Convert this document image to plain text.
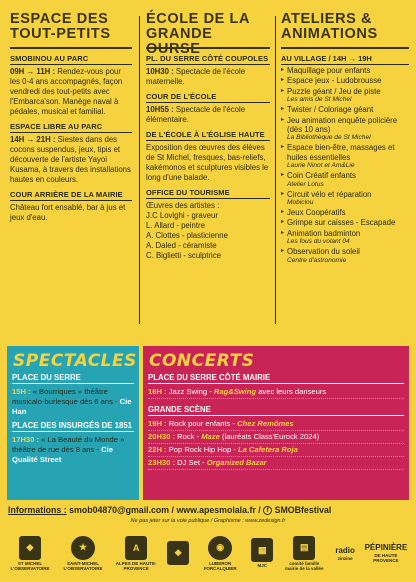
ESPACE DES
TOUT-PETITS
SMOBINOU AU PARC
09H → 11H : Rendez-vous pour les 0-4 ans accompagnés, façon vendredi des tout-petits avec l'Embarca'son. Manège naval à pédales, musical et familial.
ESPACE LIBRE AU PARC
14H → 21H : Siestes dans des cocons suspendus, jeux, tipis et découverte de l'artiste Yayoi Kusama, à travers des installations hautes en couleurs.
COUR ARRIÈRE DE LA MAIRIE
Château fort ensablé, bar à jus et jeux d'eau.
ÉCOLE DE LA
GRANDE OURSE
PL. DU SERRE CÔTÉ COUPOLES
10H30 : Spectacle de l'école maternelle.
COUR DE L'ÉCOLE
10H55 : Spectacle de l'école élémentaire.
DE L'ÉCOLE À L'ÉGLISE HAUTE
Exposition des œuvres des élèves de St Michel, fresques, bas-reliefs, kakémonos et sculptures visibles le long d'une balade.
OFFICE DU TOURISME
Œuvres des artistes :
J.C Lovighi - graveur
L. Allard - peintre
A. Clottes - plasticienne
A. Daled - céramiste
C. Biglietti - sculptrice
ATELIERS &
ANIMATIONS
AU VILLAGE / 14H → 19H
▸ Maquillage pour enfants
▸ Espace jeux - Ludobrousse
▸ Puzzle géant / Jeu de piste
Les amis de St Michel
▸ Twister / Coloriage géant
▸ Jeu animation enquête policière (dès 10 ans)
La Bibliothèque de St Michel
▸ Espace bien-être, massages et huiles essentielles
Laurie Ninot et Am&Lie
▸ Coin Créatif enfants
Atelier Lotus
▸ Circuit vélo et réparation
Mobiclou
▸ Jeux Coopératifs
▸ Grimpe sur caisses - Escapade
▸ Animation badminton
Les fous du volant 04
▸ Observation du soleil
Centre d'astronomie
SPECTACLES
PLACE DU SERRE
15H : « Bourriques » théâtre musicalo-burlesque dès 6 ans - Cie Han
PLACE DES INSURGÉS DE 1851
17H30 : « La Beauté du Monde » théâtre de rue dès 8 ans - Cie Qualité Street
CONCERTS
PLACE DU SERRE CÔTÉ MAIRIE
16H : Jazz Swing - Rag&Swing avec leurs danseurs
GRANDE SCÈNE
19H : Rock pour enfants - Chez Remômes
20H30 : Rock - Maze (lauréats Class'Eurock 2024)
22H : Pop Rock Hip Hop - La Cafetera Roja
23H30 : DJ Set - Organized Bazar
Informations : smob04870@gmail.com / www.apesmolala.fr / f SMOBfestival
Ne pas jeter sur la voie publique / Graphisme : www.zedesign.fr
◆
ST MICHEL L'OBSERVATOIRE
★
SAINT-MICHEL L'OBSERVATOIRE
A
ALPES DE HAUTE-PROVENCE
❖
◉
LUBERON FORCALQUIER
▦
MJC
▤
comité famille mairie de la vallée
radio
zinzine
PÉPINIÈRE
DE HAUTE PROVENCE
